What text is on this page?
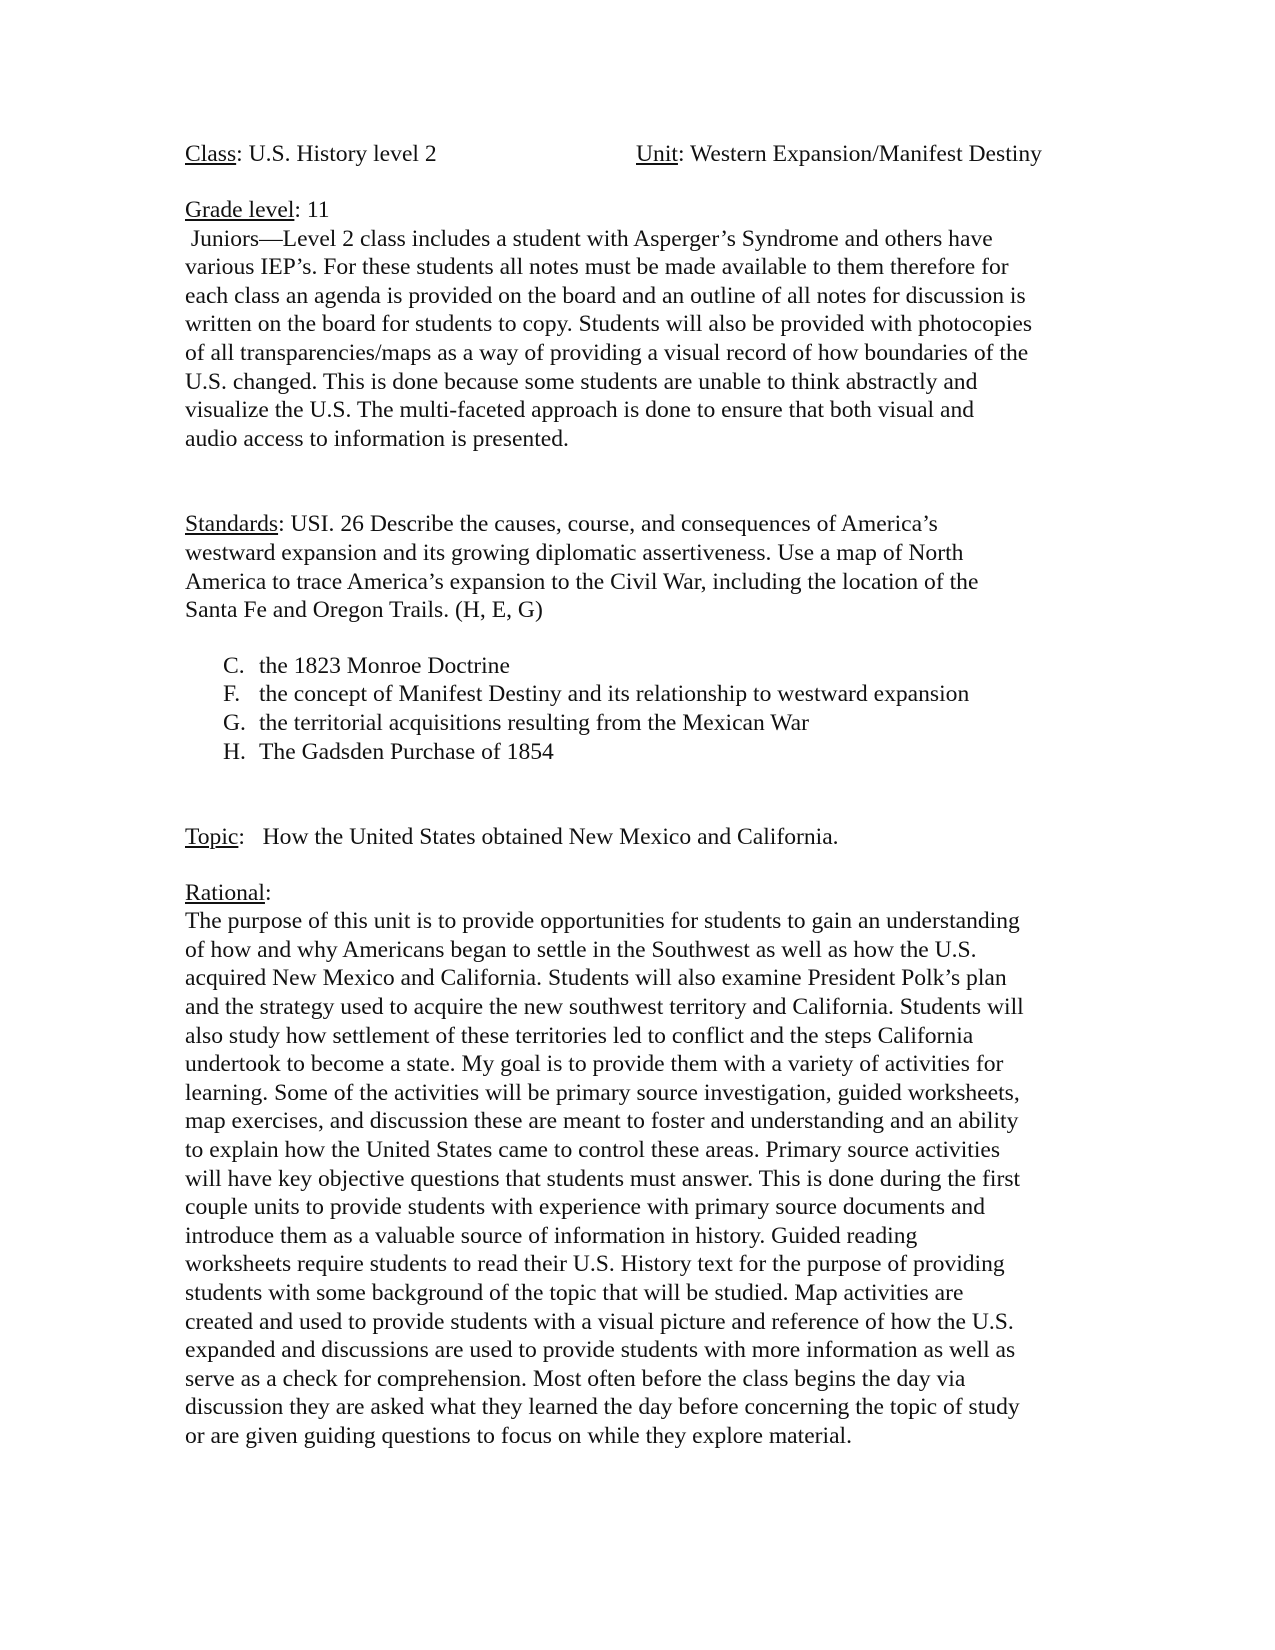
Class: U.S. History level 2	Unit: Western Expansion/Manifest Destiny
Grade level: 11
Juniors—Level 2 class includes a student with Asperger’s Syndrome and others have
various IEP’s. For these students all notes must be made available to them therefore for
each class an agenda is provided on the board and an outline of all notes for discussion is
written on the board for students to copy. Students will also be provided with photocopies
of all transparencies/maps as a way of providing a visual record of how boundaries of the
U.S. changed. This is done because some students are unable to think abstractly and
visualize the U.S. The multi-faceted approach is done to ensure that both visual and
audio access to information is presented.
Standards: USI. 26 Describe the causes, course, and consequences of America’s
westward expansion and its growing diplomatic assertiveness. Use a map of North
America to trace America’s expansion to the Civil War, including the location of the
Santa Fe and Oregon Trails. (H, E, G)
C. the 1823 Monroe Doctrine
F. the concept of Manifest Destiny and its relationship to westward expansion
G. the territorial acquisitions resulting from the Mexican War
H. The Gadsden Purchase of 1854
Topic:   How the United States obtained New Mexico and California.
Rational:
The purpose of this unit is to provide opportunities for students to gain an understanding
of how and why Americans began to settle in the Southwest as well as how the U.S.
acquired New Mexico and California. Students will also examine President Polk’s plan
and the strategy used to acquire the new southwest territory and California. Students will
also study how settlement of these territories led to conflict and the steps California
undertook to become a state. My goal is to provide them with a variety of activities for
learning. Some of the activities will be primary source investigation, guided worksheets,
map exercises, and discussion these are meant to foster and understanding and an ability
to explain how the United States came to control these areas. Primary source activities
will have key objective questions that students must answer. This is done during the first
couple units to provide students with experience with primary source documents and
introduce them as a valuable source of information in history. Guided reading
worksheets require students to read their U.S. History text for the purpose of providing
students with some background of the topic that will be studied. Map activities are
created and used to provide students with a visual picture and reference of how the U.S.
expanded and discussions are used to provide students with more information as well as
serve as a check for comprehension. Most often before the class begins the day via
discussion they are asked what they learned the day before concerning the topic of study
or are given guiding questions to focus on while they explore material.
